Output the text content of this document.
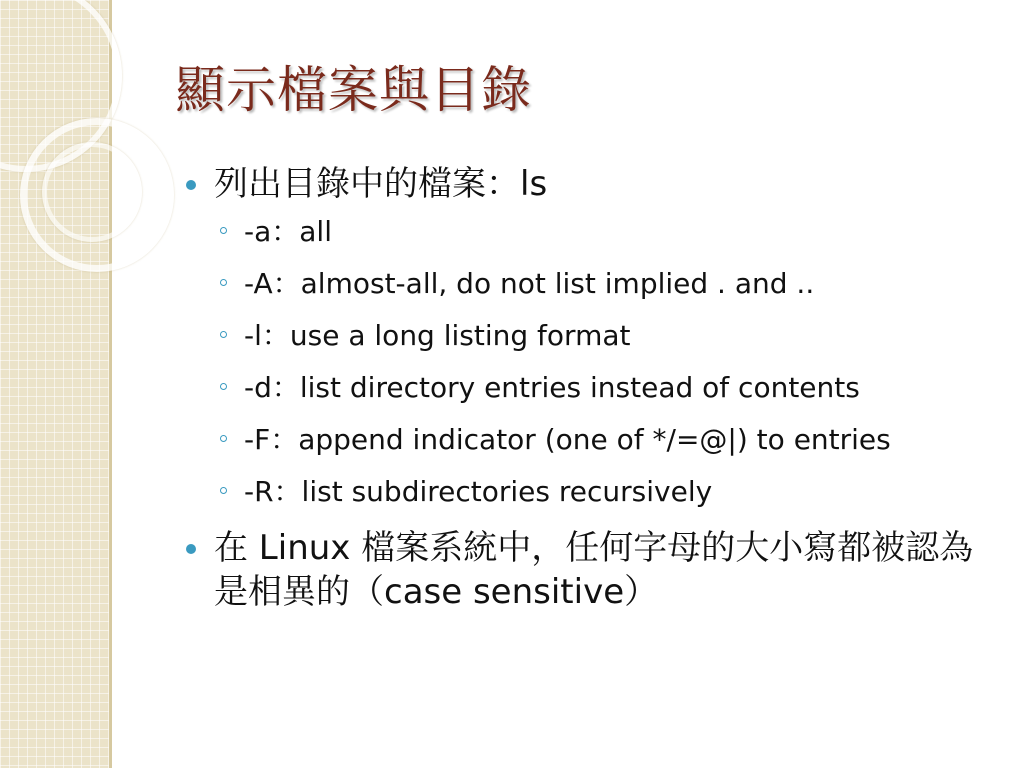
顯示檔案與目錄
列出目錄中的檔案：ls
-a：all
-A：almost-all, do not list implied . and ..
-l：use a long listing format
-d：list directory entries instead of contents
-F：append indicator (one of */=@|) to entries
-R：list subdirectories recursively
在 Linux 檔案系統中，任何字母的大小寫都被認為是相異的（case sensitive）
